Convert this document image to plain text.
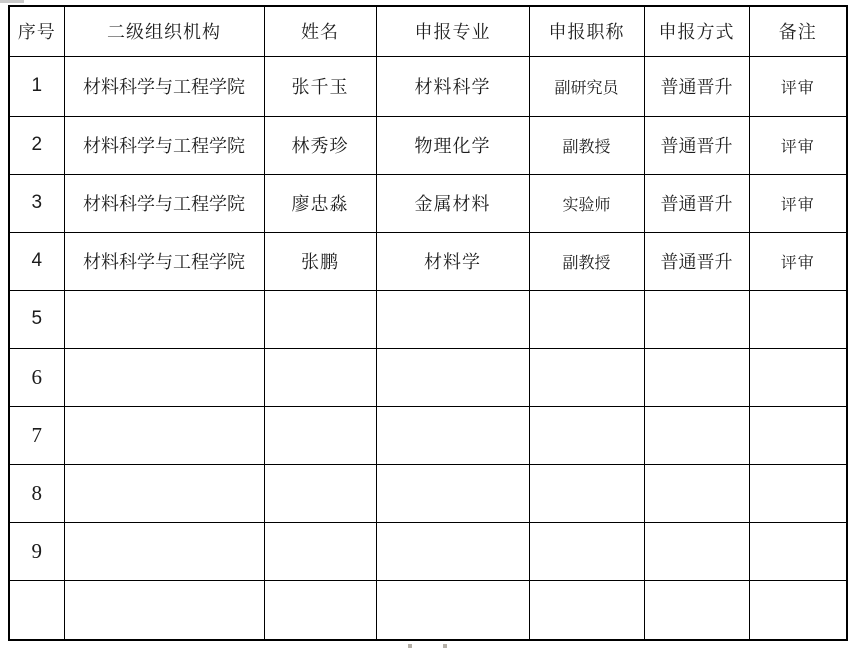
序号	二级组织机构	姓名	申报专业	申报职称	申报方式	备注
1	材料科学与工程学院	张千玉	材料科学	副研究员	普通晋升	评审
2	材料科学与工程学院	林秀珍	物理化学	副教授	普通晋升	评审
3	材料科学与工程学院	廖忠淼	金属材料	实验师	普通晋升	评审
4	材料科学与工程学院	张鹏	材料学	副教授	普通晋升	评审
5						
6						
7						
8						
9						
